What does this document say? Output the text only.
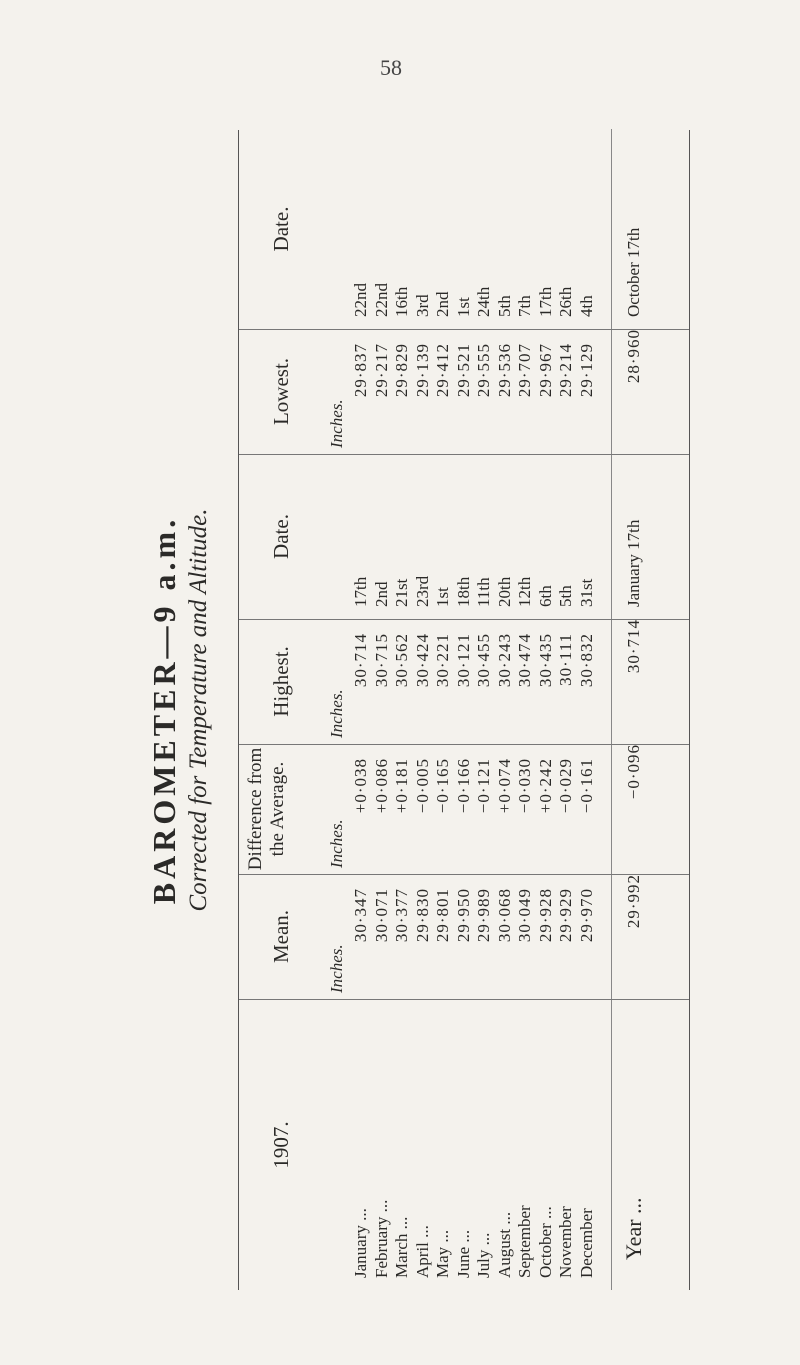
58
BAROMETER—9 a.m. Corrected for Temperature and Altitude.
1907.
January ... February ... March ... April ... May ... June ... July ... August ... September October ... November December Year ...
Mean.
Inches.
30·347 30·071 30·377 29·830 29·801 29·950 29·989 30·068 30·049 29·928 29·929 29·970 29·992
Difference from the Average. Inches.
+0·038 +0·086 +0·181 −0·005 −0·165 −0·166 −0·121 +0·074 −0·030 +0·242 −0·029 −0·161 −0·096
Highest. Inches.
30·714 30·715 30·562 30·424 30·221 30·121 30·455 30·243 30·474 30·435 30·111 30·832 30·714
Date.
17th 2nd 21st 23rd 1st 18th 11th 20th 12th 6th 5th 31st January 17th
Lowest. Inches.
29·837 29·217 29·829 29·139 29·412 29·521 29·555 29·536 29·707 29·967 29·214 29·129 28·960
Date.
22nd 22nd 16th 3rd 2nd 1st 24th 5th 7th 17th 26th 4th October 17th
